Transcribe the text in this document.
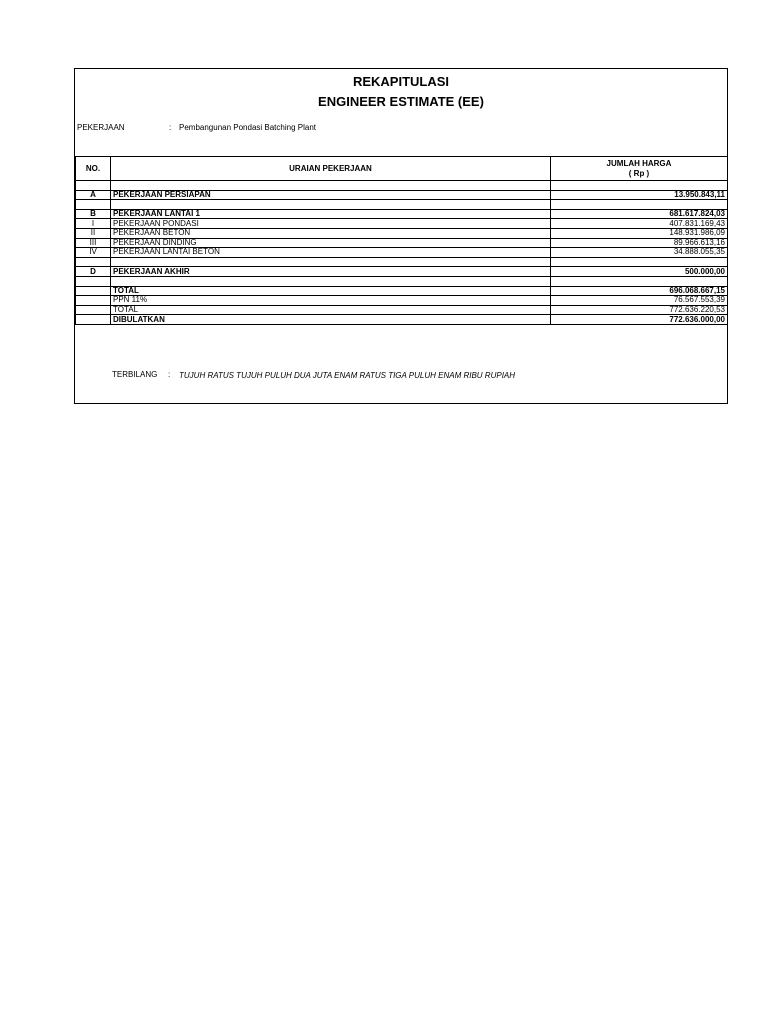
REKAPITULASI
ENGINEER ESTIMATE (EE)
PEKERJAAN	: Pembangunan Pondasi Batching Plant
NO.	URAIAN PEKERJAAN	JUMLAH HARGA
( Rp )

A	PEKERJAAN PERSIAPAN	13.950.843,11

B	PEKERJAAN LANTAI 1	681.617.824,03
I	PEKERJAAN PONDASI	407.831.169,43
II	PEKERJAAN BETON	148.931.986,09
III	PEKERJAAN DINDING	89.966.613,16
IV	PEKERJAAN LANTAI BETON	34.888.055,35

D	PEKERJAAN AKHIR	500.000,00

	TOTAL	696.068.667,15
	PPN 11%	76.567.553,39
	TOTAL	772.636.220,53
	DIBULATKAN	772.636.000,00
TERBILANG : TUJUH RATUS TUJUH PULUH DUA JUTA ENAM RATUS TIGA PULUH ENAM RIBU RUPIAH
